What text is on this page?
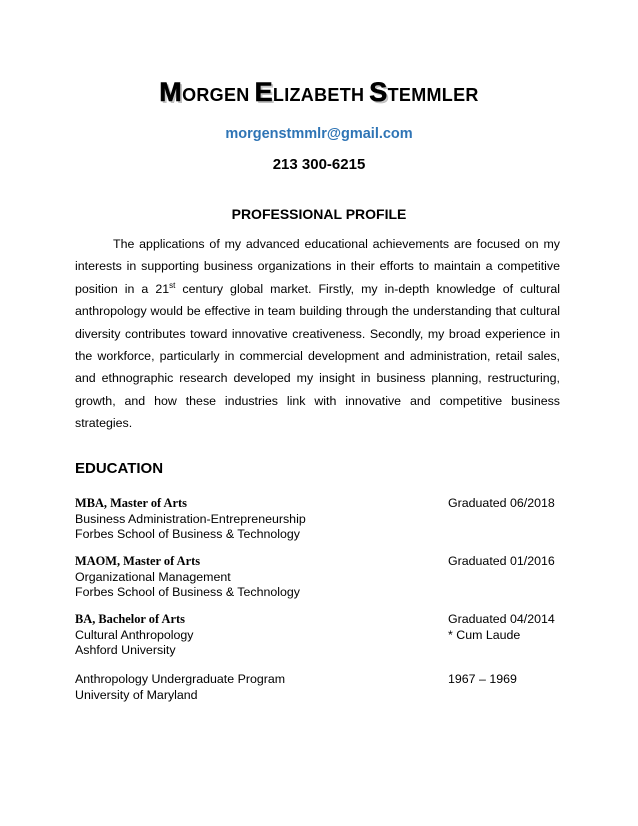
MORGEN ELIZABETH STEMMLER
morgenstmmlr@gmail.com
213 300-6215
PROFESSIONAL PROFILE
The applications of my advanced educational achievements are focused on my
interests in supporting business organizations in their efforts to maintain a competitive
position in a 21st century global market. Firstly, my in-depth knowledge of cultural
anthropology would be effective in team building through the understanding that cultural
diversity contributes toward innovative creativeness. Secondly, my broad experience in
the workforce, particularly in commercial development and administration, retail sales,
and ethnographic research developed my insight in business planning, restructuring,
growth, and how these industries link with innovative and competitive business
strategies.
EDUCATION
MBA, Master of Arts	Graduated 06/2018
Business Administration-Entrepreneurship
Forbes School of Business & Technology
MAOM, Master of Arts	Graduated 01/2016
Organizational Management
Forbes School of Business & Technology
BA, Bachelor of Arts	Graduated 04/2014
Cultural Anthropology	* Cum Laude
Ashford University
Anthropology Undergraduate Program	1967 – 1969
University of Maryland
